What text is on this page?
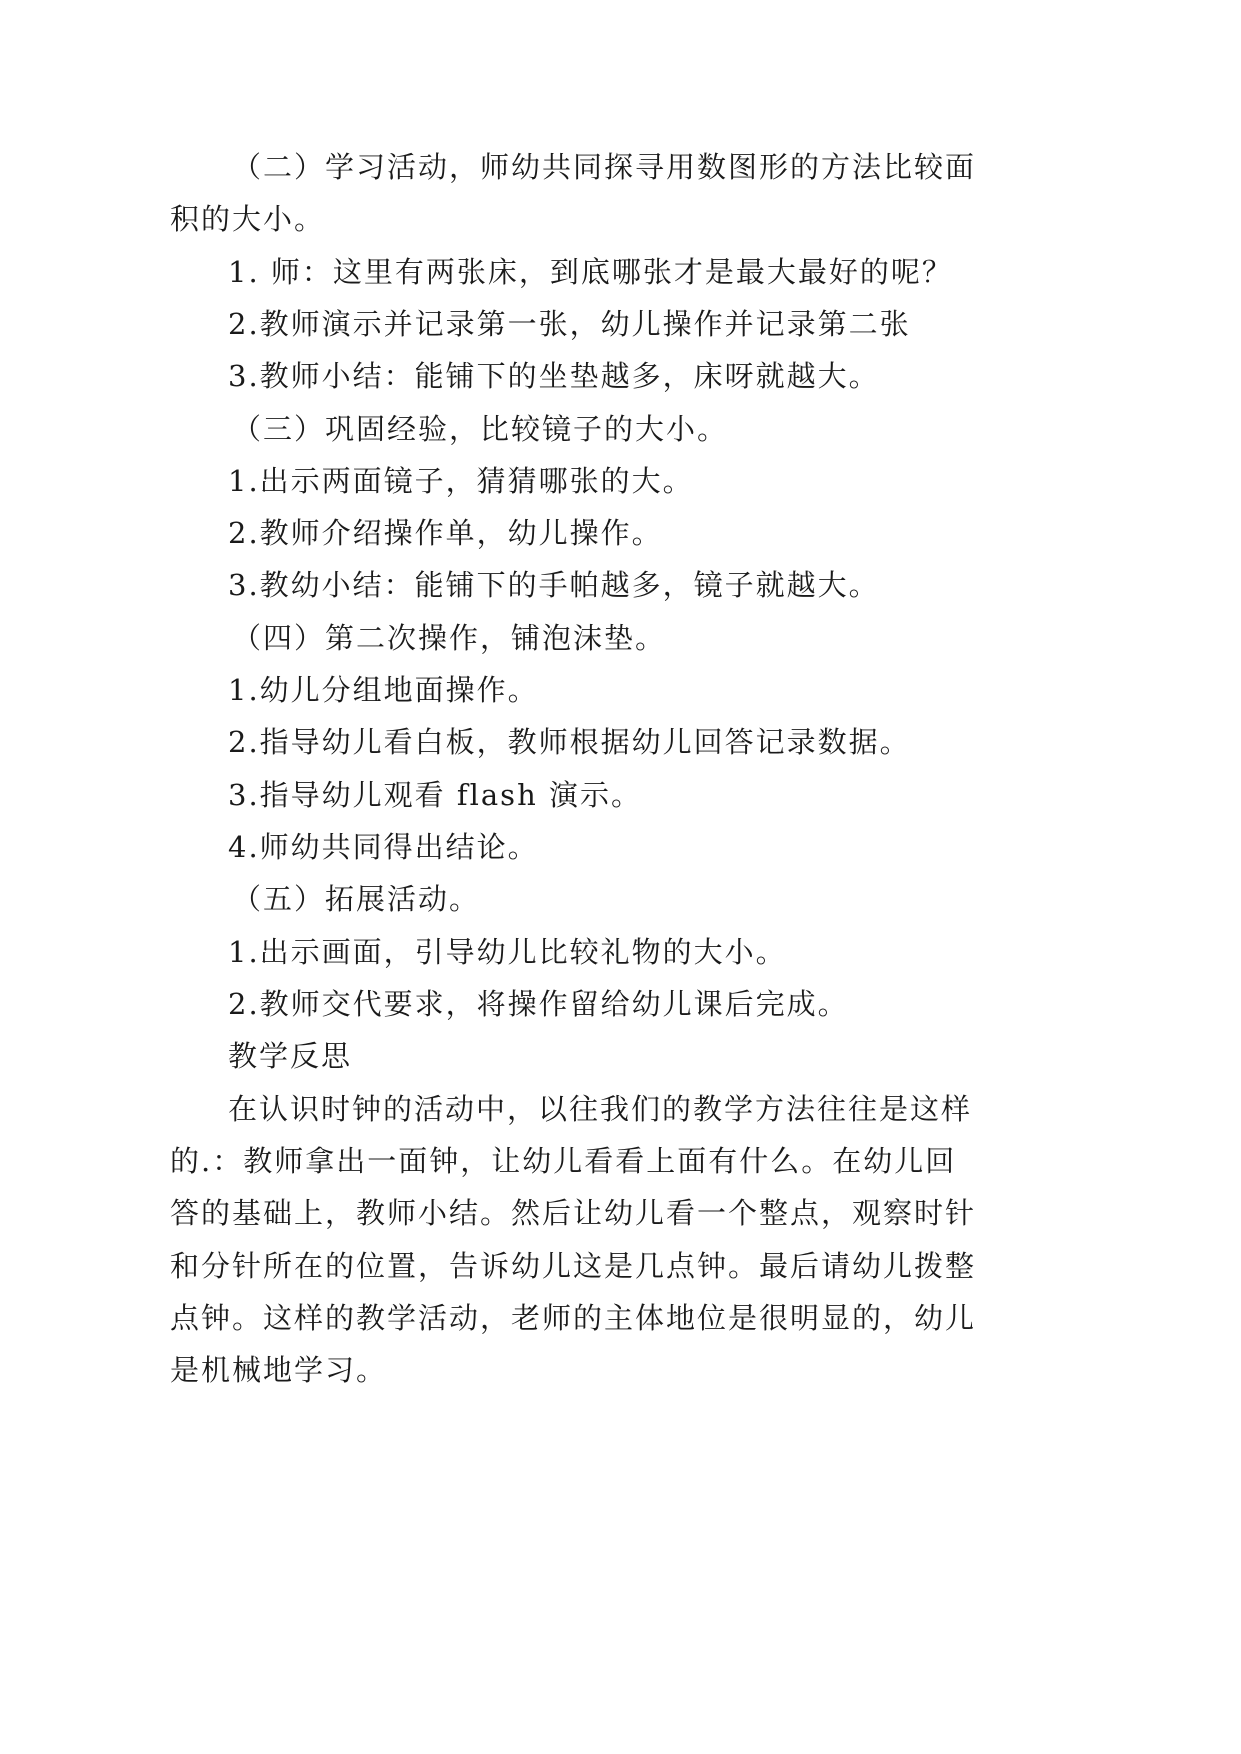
（二）学习活动，师幼共同探寻用数图形的方法比较面
积的大小。
1. 师：这里有两张床，到底哪张才是最大最好的呢？
2.教师演示并记录第一张，幼儿操作并记录第二张
3.教师小结：能铺下的坐垫越多，床呀就越大。
（三）巩固经验，比较镜子的大小。
1.出示两面镜子，猜猜哪张的大。
2.教师介绍操作单，幼儿操作。
3.教幼小结：能铺下的手帕越多，镜子就越大。
（四）第二次操作，铺泡沫垫。
1.幼儿分组地面操作。
2.指导幼儿看白板，教师根据幼儿回答记录数据。
3.指导幼儿观看 flash 演示。
4.师幼共同得出结论。
（五）拓展活动。
1.出示画面，引导幼儿比较礼物的大小。
2.教师交代要求，将操作留给幼儿课后完成。
教学反思
在认识时钟的活动中，以往我们的教学方法往往是这样
的.：教师拿出一面钟，让幼儿看看上面有什么。在幼儿回
答的基础上，教师小结。然后让幼儿看一个整点，观察时针
和分针所在的位置，告诉幼儿这是几点钟。最后请幼儿拨整
点钟。这样的教学活动，老师的主体地位是很明显的，幼儿
是机械地学习。
